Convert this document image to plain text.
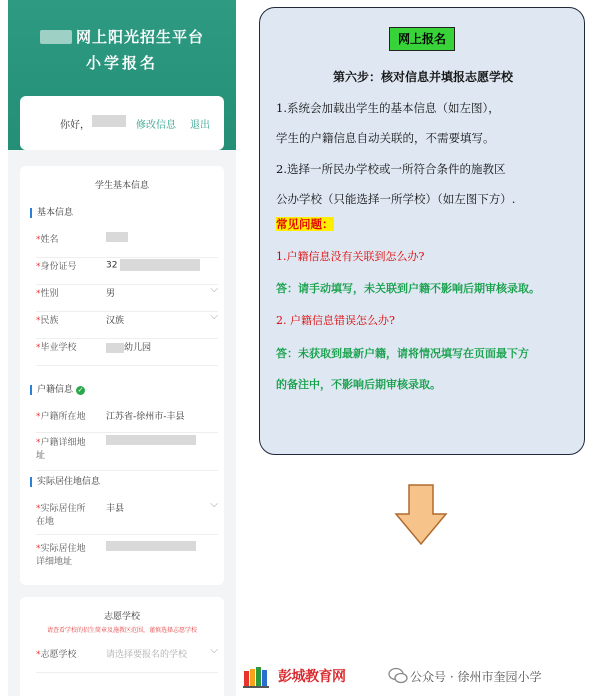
网上阳光招生平台
小学报名
你好，	修改信息 退出
学生基本信息
基本信息
*姓名
*身份证号	32
*性别	男	⌵
*民族	汉族	⌵
*毕业学校	幼儿园
户籍信息 ✓
*户籍所在地 江苏省-徐州市-丰县
*户籍详细地
址
实际居住地信息
*实际居住所
在地
丰县	⌵
*实际居住地
详细地址
志愿学校
请查看学校的招生简章及施教区范围，谨慎选择志愿学校
*志愿学校	请选择要报名的学校 ⌵
网上报名
第六步：核对信息并填报志愿学校
1.系统会加载出学生的基本信息（如左图），
学生的户籍信息自动关联的，不需要填写。
2.选择一所民办学校或一所符合条件的施教区
公办学校（只能选择一所学校）（如左图下方）.
常见问题：
1.户籍信息没有关联到怎么办?
答：请手动填写，未关联到户籍不影响后期审核录取。
2. 户籍信息错误怎么办?
答：未获取到最新户籍，请将情况填写在页面最下方
的备注中，不影响后期审核录取。
彭城教育网	公众号 · 徐州市奎园小学
